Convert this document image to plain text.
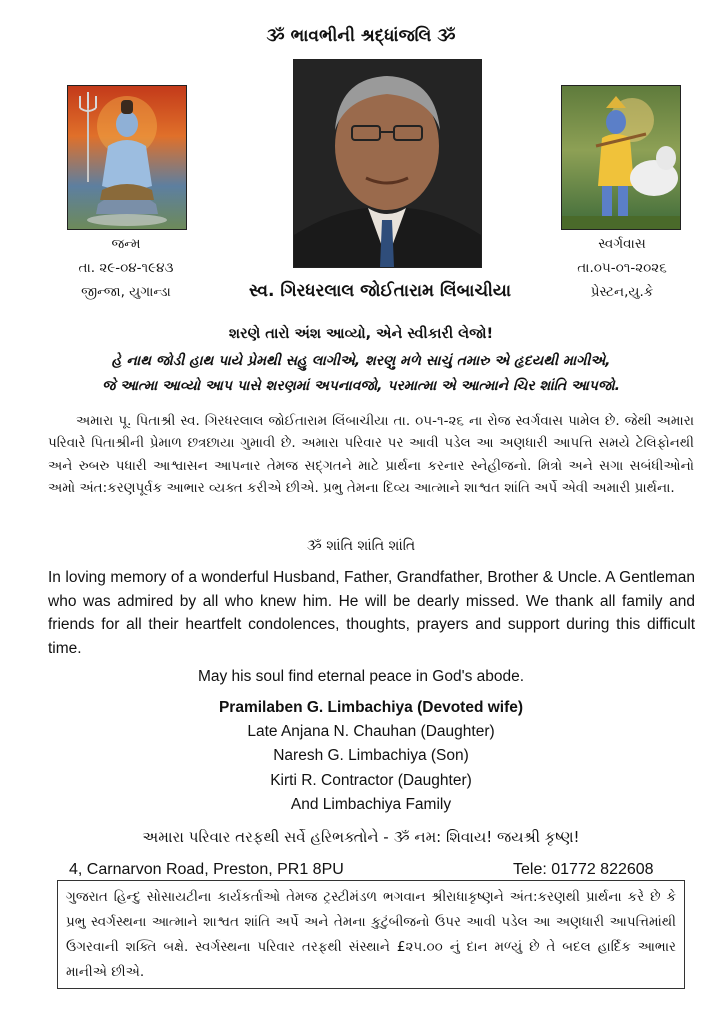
ૐ ભાવભીની શ્રદ્ધાંજલિ ૐ
જન્મ
તા. ૨૯-૦૪-૧૯૪૩
જીન્જા, યુગાન્ડા
સ્વર્ગવાસ
તા.૦૫-૦૧-૨૦૨૬
પ્રેસ્ટન,યુ.કે
સ્વ. ગિરધરલાલ જોઈતારામ લિંબાચીયા
શરણે તારો અંશ આવ્યો, એને સ્વીકારી લેજો!
હે નાથ જોડી હાથ પાયે પ્રેમથી સહુ લાગીએ, શરણુ મળે સાચું તમારુ એ હૃદયથી માગીએ,
જે આત્મા આવ્યો આપ પાસે શરણમાં અપનાવજો, પરમાત્મા એ આત્માને ચિર શાંતિ આપજો.
અમારા પૂ. પિતાશ્રી સ્વ. ગિરધરલાલ જોઈતારામ લિંબાચીયા તા. ૦૫-૧-૨૬ ના રોજ સ્વર્ગવાસ પામેલ છે. જેથી અમારા પરિવારે પિતાશ્રીની પ્રેમાળ છત્રછાયા ગુમાવી છે. અમારા પરિવાર પર આવી પડેલ આ અણધારી આપત્તિ સમયે ટેલિફોનથી અને રુબરુ પધારી આશ્વાસન આપનાર તેમજ સદ્‌ગતને માટે પ્રાર્થના કરનાર સ્નેહીજનો. મિત્રો અને સગા સબંધીઓનો અમો અંત:કરણપૂર્વક આભાર વ્યક્ત કરીએ છીએ. પ્રભુ તેમના દિવ્ય આત્માને શાશ્વત શાંતિ અર્પે એવી અમારી પ્રાર્થના.
ૐ શાંતિ શાંતિ શાંતિ
In loving memory of a wonderful Husband, Father, Grandfather, Brother & Uncle. A Gentleman who was admired by all who knew him. He will be dearly missed. We thank all family and friends for all their heartfelt condolences, thoughts, prayers and support during this difficult time.
May his soul find eternal peace in God's abode.
Pramilaben G. Limbachiya (Devoted wife)
Late Anjana N. Chauhan (Daughter)
Naresh G. Limbachiya (Son)
Kirti R. Contractor (Daughter)
And Limbachiya Family
અમારા પરિવાર તરફથી સર્વે હરિભક્તોને - ૐ નમ: શિવાય! જયશ્રી કૃષ્ણ!
4, Carnarvon Road, Preston, PR1 8PU	Tele: 01772 822608
ગુજરાત હિન્દુ સોસાયટીના કાર્યકર્તાઓ તેમજ ટ્રસ્ટીમંડળ ભગવાન શ્રીરાધાકૃષ્ણને અંત:કરણથી પ્રાર્થના કરે છે કે પ્રભુ સ્વર્ગસ્થના આત્માને શાશ્વત શાંતિ અર્પે અને તેમના કુટુંબીજનો ઉપર આવી પડેલ આ અણધારી આપત્તિમાંથી ઉગરવાની શક્તિ બક્ષે. સ્વર્ગસ્થના પરિવાર તરફથી સંસ્થાને £૨૫.૦૦ નું દાન મળ્યું છે તે બદલ હાર્દિક આભાર માનીએ છીએ.
